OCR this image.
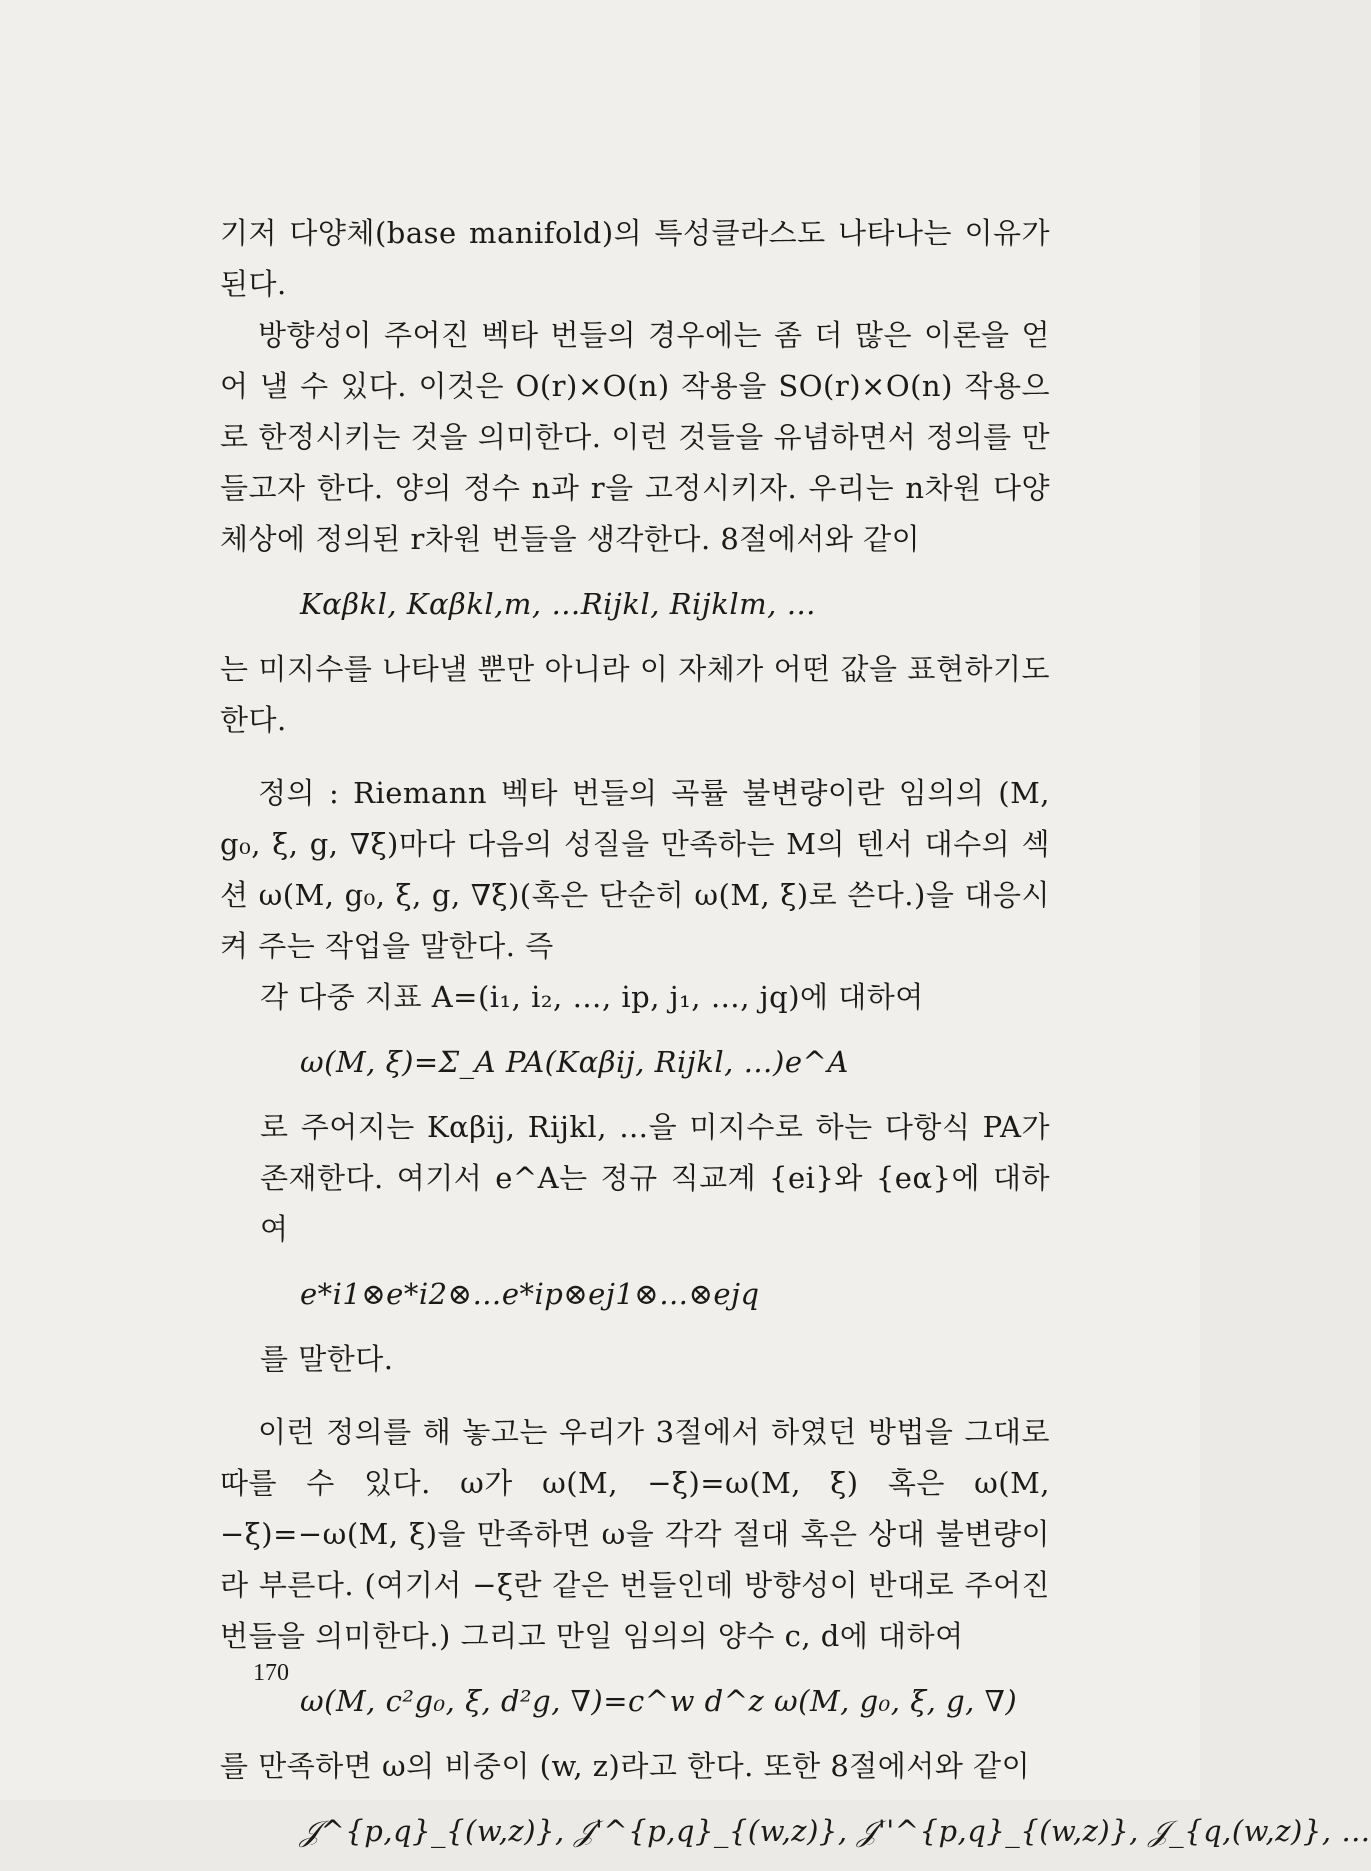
기저 다양체(base manifold)의 특성클라스도 나타나는 이유가 된다.

방향성이 주어진 벡타 번들의 경우에는 좀 더 많은 이론을 얻어 낼 수 있다. 이것은 O(r)×O(n) 작용을 SO(r)×O(n) 작용으로 한정시키는 것을 의미한다. 이런 것들을 유념하면서 정의를 만들고자 한다. 양의 정수 n과 r을 고정시키자. 우리는 n차원 다양체상에 정의된 r차원 번들을 생각한다. 8절에서와 같이

Kαβkl, Kαβkl,m, …Rijkl, Rijklm, …

는 미지수를 나타낼 뿐만 아니라 이 자체가 어떤 값을 표현하기도 한다.

정의 : Riemann 벡타 번들의 곡률 불변량이란 임의의 (M, g₀, ξ, g, ∇ξ)마다 다음의 성질을 만족하는 M의 텐서 대수의 섹션 ω(M, g₀, ξ, g, ∇ξ)(혹은 단순히 ω(M, ξ)로 쓴다.)을 대응시켜 주는 작업을 말한다. 즉

각 다중 지표 A=(i₁, i₂, …, ip, j₁, …, jq)에 대하여

ω(M, ξ)=Σ_A PA(Kαβij, Rijkl, …)e^A

로 주어지는 Kαβij, Rijkl, …을 미지수로 하는 다항식 PA가 존재한다. 여기서 e^A는 정규 직교계 {ei}와 {eα}에 대하여

e*i1⊗e*i2⊗…e*ip⊗ej1⊗…⊗ejq

를 말한다.

이런 정의를 해 놓고는 우리가 3절에서 하였던 방법을 그대로 따를 수 있다. ω가 ω(M, −ξ)=ω(M, ξ) 혹은 ω(M, −ξ)=−ω(M, ξ)을 만족하면 ω을 각각 절대 혹은 상대 불변량이라 부른다. (여기서 −ξ란 같은 번들인데 방향성이 반대로 주어진 번들을 의미한다.) 그리고 만일 임의의 양수 c, d에 대하여

ω(M, c²g₀, ξ, d²g, ∇)=c^w d^z ω(M, g₀, ξ, g, ∇)

를 만족하면 ω의 비중이 (w, z)라고 한다. 또한 8절에서와 같이

𝒥^{p,q}_{(w,z)}, 𝒥'^{p,q}_{(w,z)}, 𝒥''^{p,q}_{(w,z)}, 𝒥_{q,(w,z)}, …
170
